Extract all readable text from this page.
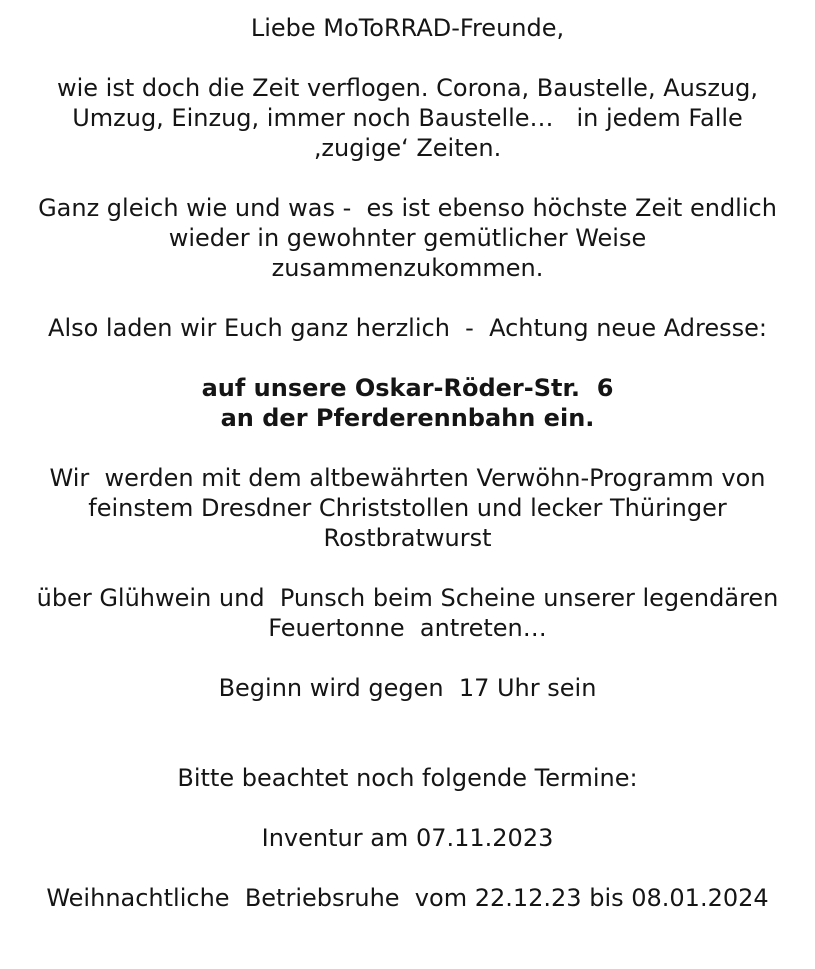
Liebe MoToRRAD-Freunde,
wie ist doch die Zeit verflogen. Corona, Baustelle, Auszug,
Umzug, Einzug, immer noch Baustelle…   in jedem Falle
‚zugige‘ Zeiten.
Ganz gleich wie und was -  es ist ebenso höchste Zeit endlich
wieder in gewohnter gemütlicher Weise
zusammenzukommen.
Also laden wir Euch ganz herzlich  -  Achtung neue Adresse:
auf unsere Oskar-Röder-Str.  6
an der Pferderennbahn ein.
Wir  werden mit dem altbewährten Verwöhn-Programm von
feinstem Dresdner Christstollen und lecker Thüringer
Rostbratwurst
über Glühwein und  Punsch beim Scheine unserer legendären
Feuertonne  antreten…
Beginn wird gegen  17 Uhr sein
Bitte beachtet noch folgende Termine:
Inventur am 07.11.2023
Weihnachtliche  Betriebsruhe  vom 22.12.23 bis 08.01.2024
